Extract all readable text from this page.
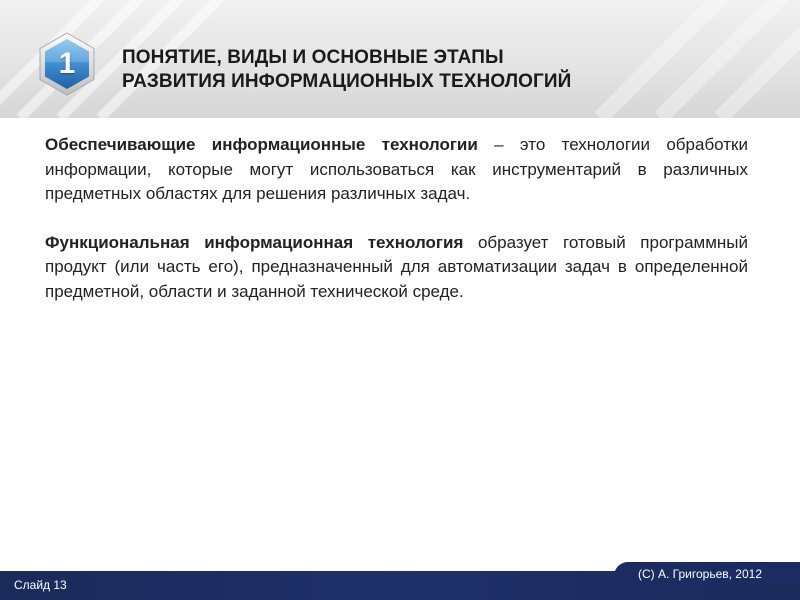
1	ПОНЯТИЕ, ВИДЫ И ОСНОВНЫЕ ЭТАПЫ
РАЗВИТИЯ ИНФОРМАЦИОННЫХ ТЕХНОЛОГИЙ

Обеспечивающие информационные технологии – это технологии обработки информации, которые могут использоваться как инструментарий в различных предметных областях для решения различных задач.

Функциональная информационная технология образует готовый программный продукт (или часть его), предназначенный для автоматизации задач в определенной предметной, области и заданной технической среде.

Слайд 13
(C) А. Григорьев, 2012
